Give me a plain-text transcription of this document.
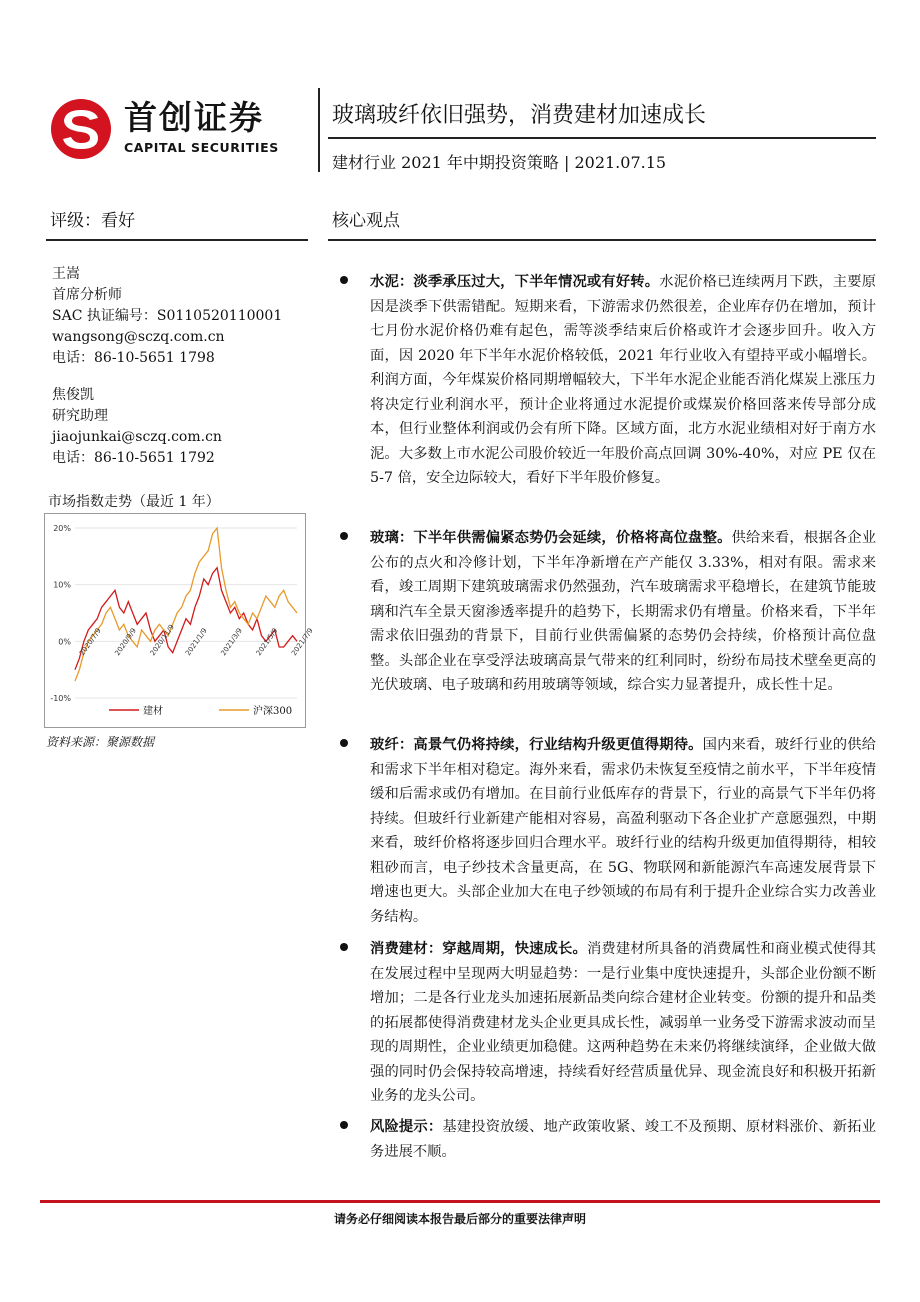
首创证券
CAPITAL SECURITIES
玻璃玻纤依旧强势，消费建材加速成长
建材行业 2021 年中期投资策略 | 2021.07.15
评级：看好	核心观点
王嵩
首席分析师
SAC 执证编号：S0110520110001
wangsong@sczq.com.cn
电话：86-10-5651 1798
焦俊凯
研究助理
jiaojunkai@sczq.com.cn
电话：86-10-5651 1792
市场指数走势（最近 1 年）
20%
10%
0%
-10%
2020/7/9 2020/9/9 2020/11/9 2021/1/9 2021/3/9 2021/5/9 2021/7/9
建材	沪深300
资料来源：聚源数据
水泥：淡季承压过大，下半年情况或有好转。水泥价格已连续两月下跌，主要原因是淡季下供需错配。短期来看，下游需求仍然很差，企业库存仍在增加，预计七月份水泥价格仍难有起色，需等淡季结束后价格或许才会逐步回升。收入方面，因 2020 年下半年水泥价格较低，2021 年行业收入有望持平或小幅增长。利润方面，今年煤炭价格同期增幅较大，下半年水泥企业能否消化煤炭上涨压力将决定行业利润水平，预计企业将通过水泥提价或煤炭价格回落来传导部分成本，但行业整体利润或仍会有所下降。区域方面，北方水泥业绩相对好于南方水泥。大多数上市水泥公司股价较近一年股价高点回调 30%-40%，对应 PE 仅在 5-7 倍，安全边际较大，看好下半年股价修复。
玻璃：下半年供需偏紧态势仍会延续，价格将高位盘整。供给来看，根据各企业公布的点火和冷修计划，下半年净新增在产产能仅 3.33%，相对有限。需求来看，竣工周期下建筑玻璃需求仍然强劲，汽车玻璃需求平稳增长，在建筑节能玻璃和汽车全景天窗渗透率提升的趋势下，长期需求仍有增量。价格来看，下半年需求依旧强劲的背景下，目前行业供需偏紧的态势仍会持续，价格预计高位盘整。头部企业在享受浮法玻璃高景气带来的红利同时，纷纷布局技术壁垒更高的光伏玻璃、电子玻璃和药用玻璃等领域，综合实力显著提升，成长性十足。
玻纤：高景气仍将持续，行业结构升级更值得期待。国内来看，玻纤行业的供给和需求下半年相对稳定。海外来看，需求仍未恢复至疫情之前水平，下半年疫情缓和后需求或仍有增加。在目前行业低库存的背景下，行业的高景气下半年仍将持续。但玻纤行业新建产能相对容易，高盈利驱动下各企业扩产意愿强烈，中期来看，玻纤价格将逐步回归合理水平。玻纤行业的结构升级更加值得期待，相较粗砂而言，电子纱技术含量更高，在 5G、物联网和新能源汽车高速发展背景下增速也更大。头部企业加大在电子纱领域的布局有利于提升企业综合实力改善业务结构。
消费建材：穿越周期，快速成长。消费建材所具备的消费属性和商业模式使得其在发展过程中呈现两大明显趋势：一是行业集中度快速提升，头部企业份额不断增加；二是各行业龙头加速拓展新品类向综合建材企业转变。份额的提升和品类的拓展都使得消费建材龙头企业更具成长性，减弱单一业务受下游需求波动而呈现的周期性，企业业绩更加稳健。这两种趋势在未来仍将继续演绎，企业做大做强的同时仍会保持较高增速，持续看好经营质量优异、现金流良好和积极开拓新业务的龙头公司。
风险提示：基建投资放缓、地产政策收紧、竣工不及预期、原材料涨价、新拓业务进展不顺。
请务必仔细阅读本报告最后部分的重要法律声明
